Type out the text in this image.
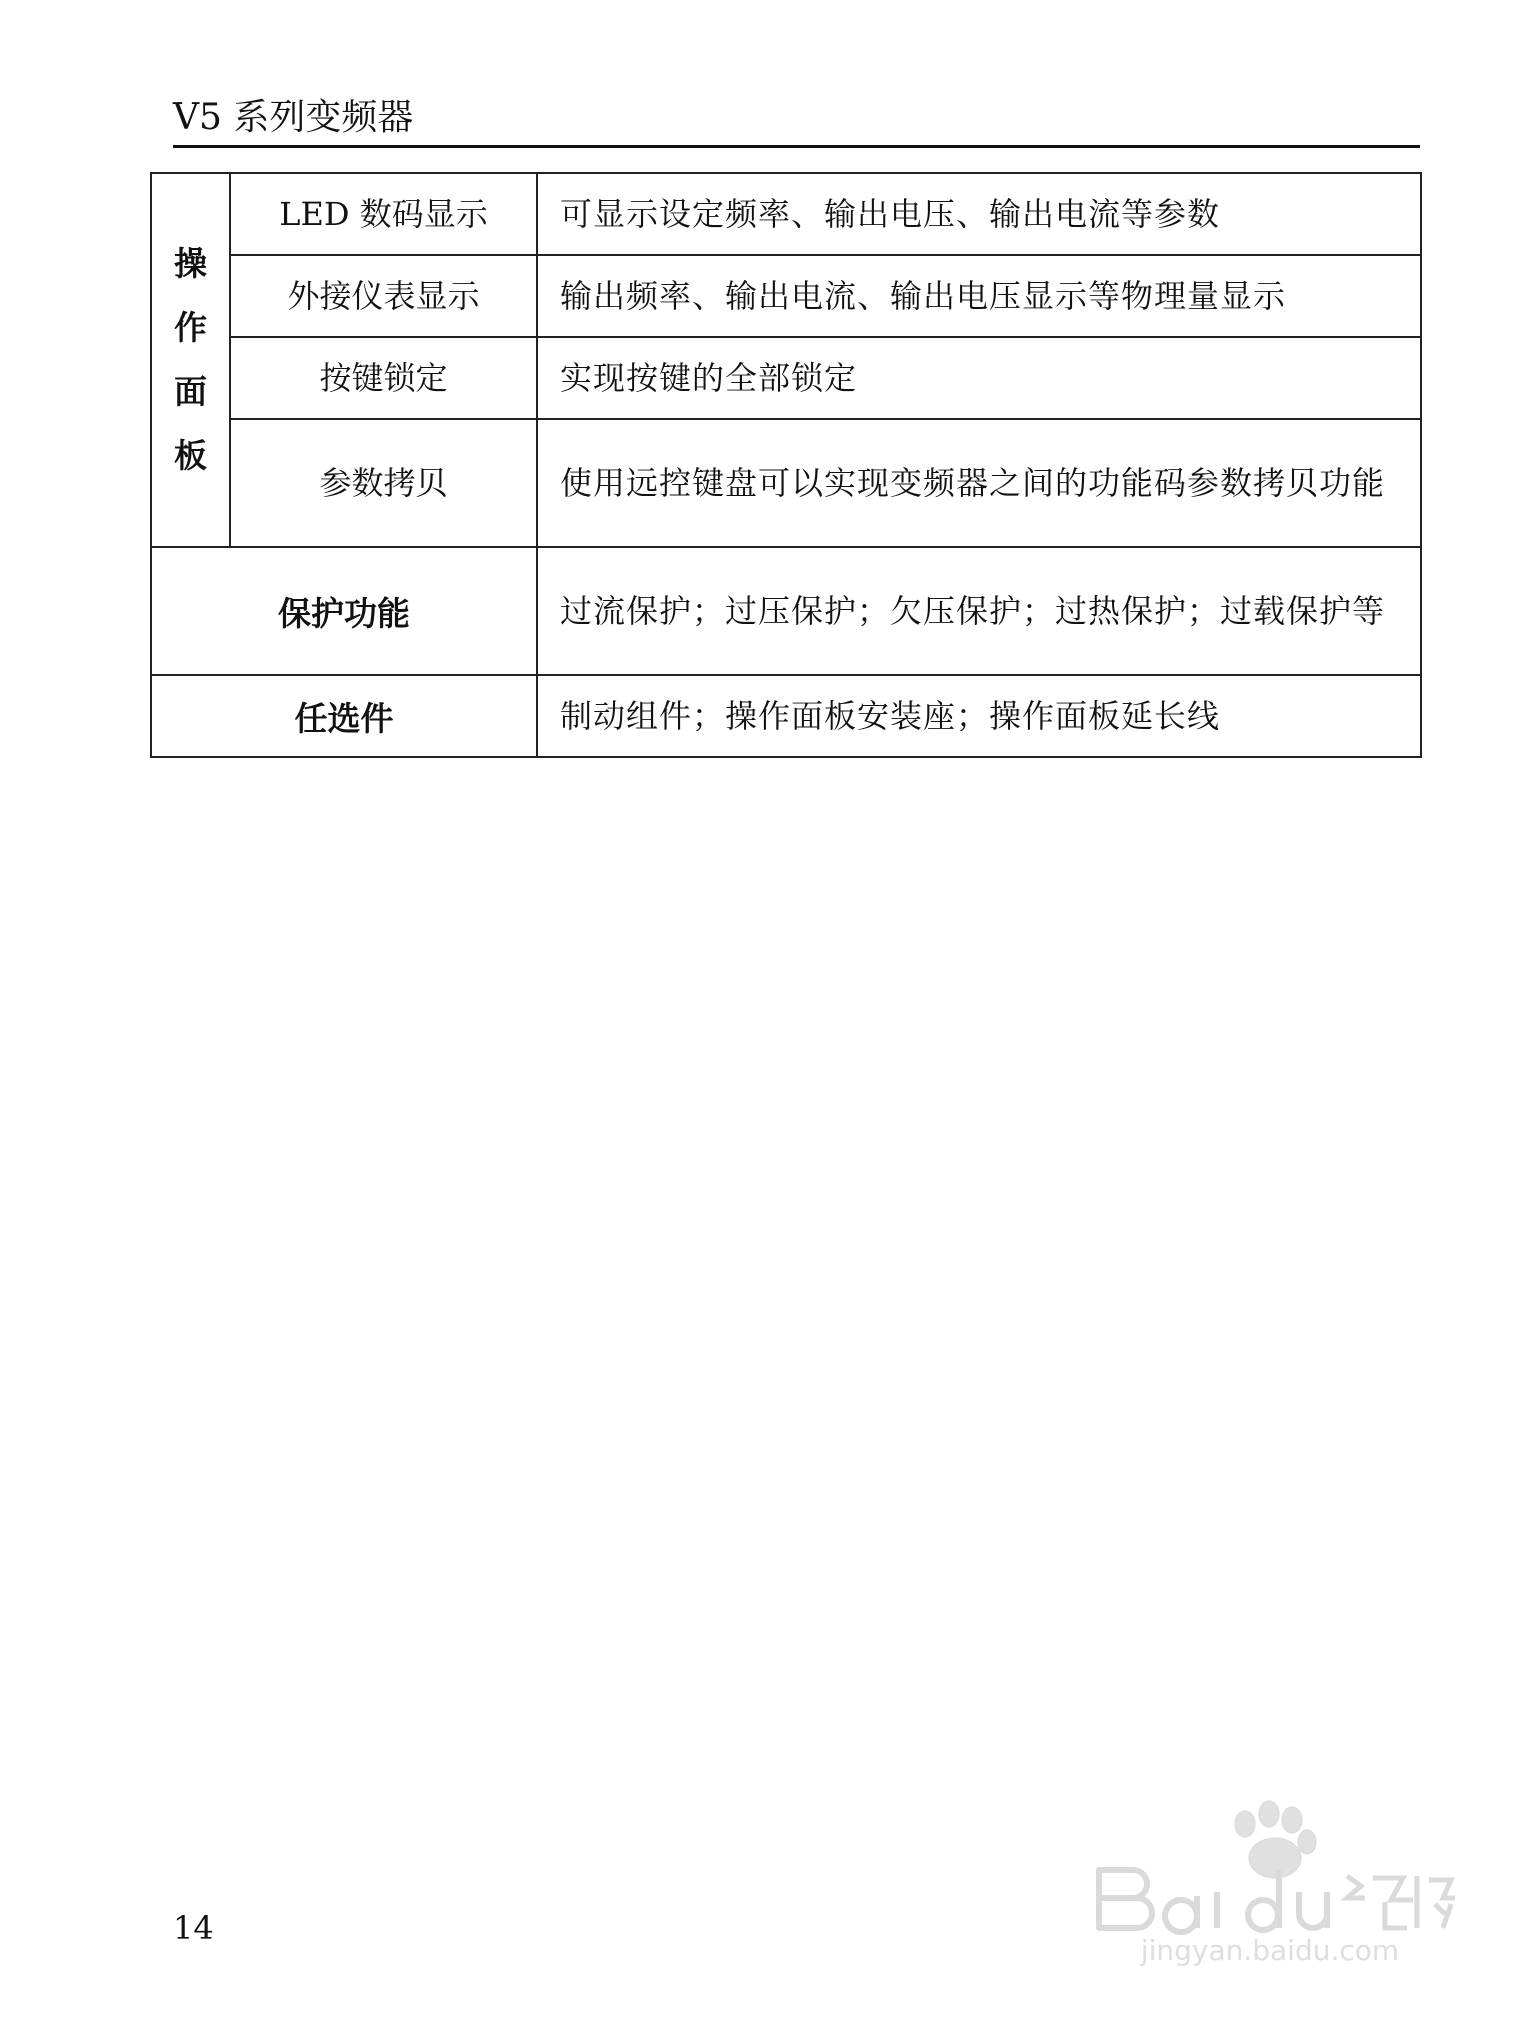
V5 系列变频器
操
作
面
板	LED 数码显示	可显示设定频率、输出电压、输出电流等参数
	外接仪表显示	输出频率、输出电流、输出电压显示等物理量显示
	按键锁定	实现按键的全部锁定
	参数拷贝	使用远控键盘可以实现变频器之间的功能码参数拷贝功能
保护功能		过流保护；过压保护；欠压保护；过热保护；过载保护等
任选件		制动组件；操作面板安装座；操作面板延长线
14
jingyan.baidu.com
